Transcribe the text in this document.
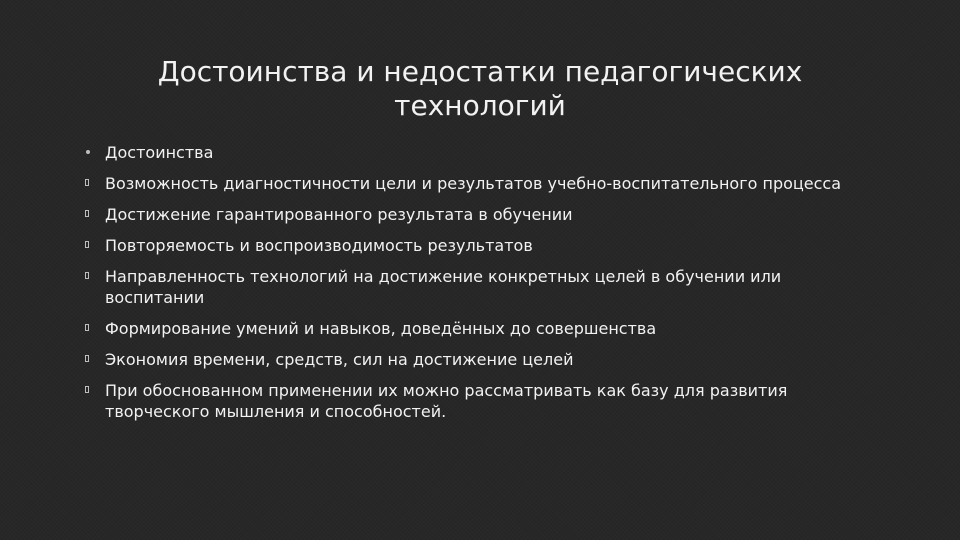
Достоинства и недостатки педагогических технологий
Достоинства
Возможность диагностичности цели и результатов учебно-воспитательного процесса
Достижение гарантированного результата в обучении
Повторяемость и воспроизводимость результатов
Направленность технологий на достижение конкретных целей в обучении или воспитании
Формирование умений и навыков, доведённых до совершенства
Экономия времени, средств, сил на достижение целей
При обоснованном применении их можно рассматривать как базу для развития творческого мышления и способностей.
